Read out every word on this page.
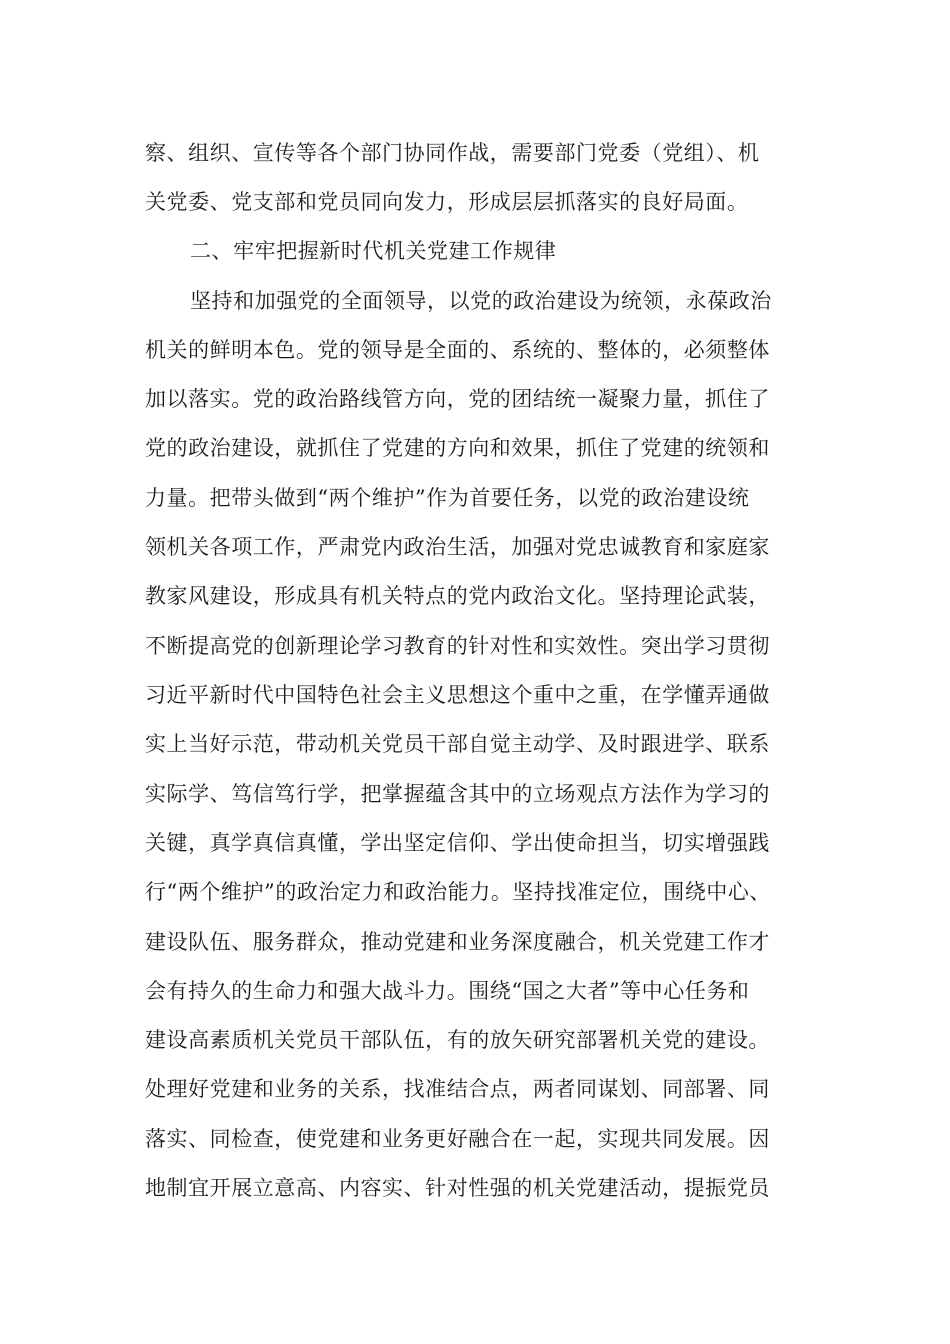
察、组织、宣传等各个部门协同作战，需要部门党委（党组）、机
关党委、党支部和党员同向发力，形成层层抓落实的良好局面。
二、牢牢把握新时代机关党建工作规律
坚持和加强党的全面领导，以党的政治建设为统领，永葆政治
机关的鲜明本色。党的领导是全面的、系统的、整体的，必须整体
加以落实。党的政治路线管方向，党的团结统一凝聚力量，抓住了
党的政治建设，就抓住了党建的方向和效果，抓住了党建的统领和
力量。把带头做到“两个维护”作为首要任务，以党的政治建设统
领机关各项工作，严肃党内政治生活，加强对党忠诚教育和家庭家
教家风建设，形成具有机关特点的党内政治文化。坚持理论武装，
不断提高党的创新理论学习教育的针对性和实效性。突出学习贯彻
习近平新时代中国特色社会主义思想这个重中之重，在学懂弄通做
实上当好示范，带动机关党员干部自觉主动学、及时跟进学、联系
实际学、笃信笃行学，把掌握蕴含其中的立场观点方法作为学习的
关键，真学真信真懂，学出坚定信仰、学出使命担当，切实增强践
行“两个维护”的政治定力和政治能力。坚持找准定位，围绕中心、
建设队伍、服务群众，推动党建和业务深度融合，机关党建工作才
会有持久的生命力和强大战斗力。围绕“国之大者”等中心任务和
建设高素质机关党员干部队伍，有的放矢研究部署机关党的建设。
处理好党建和业务的关系，找准结合点，两者同谋划、同部署、同
落实、同检查，使党建和业务更好融合在一起，实现共同发展。因
地制宜开展立意高、内容实、针对性强的机关党建活动，提振党员
